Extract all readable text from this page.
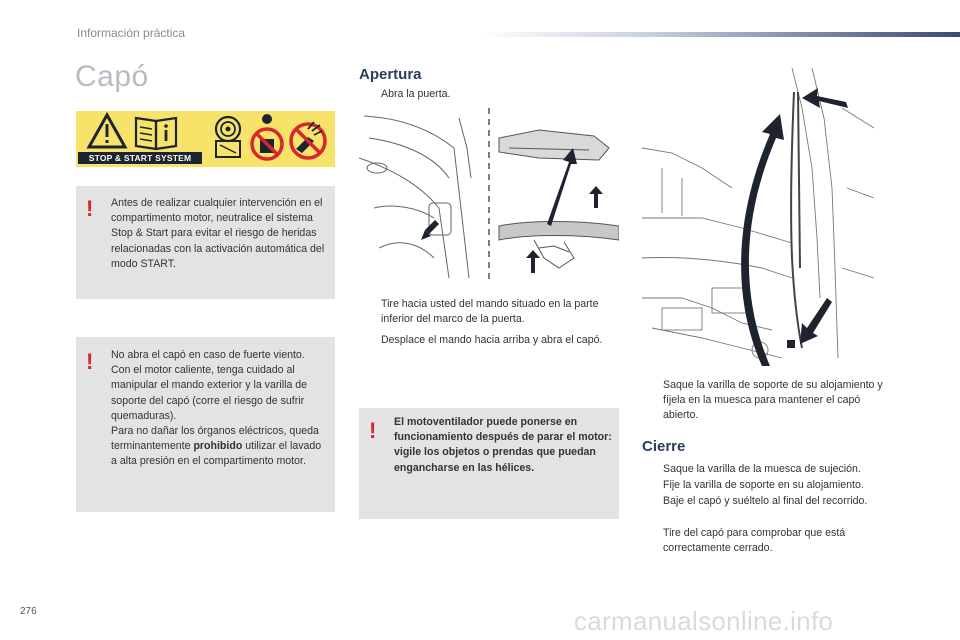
Información práctica
Capó
STOP & START SYSTEM
! Antes de realizar cualquier intervención en el compartimento motor, neutralice el sistema Stop & Start para evitar el riesgo de heridas relacionadas con la activación automática del modo START.
! No abra el capó en caso de fuerte viento.
Con el motor caliente, tenga cuidado al manipular el mando exterior y la varilla de soporte del capó (corre el riesgo de sufrir quemaduras).
Para no dañar los órganos eléctricos, queda terminantemente prohibido utilizar el lavado a alta presión en el compartimento motor.
Apertura
Abra la puerta.
Tire hacia usted del mando situado en la parte inferior del marco de la puerta.
Desplace el mando hacia arriba y abra el capó.
! El motoventilador puede ponerse en funcionamiento después de parar el motor: vigile los objetos o prendas que puedan engancharse en las hélices.
Saque la varilla de soporte de su alojamiento y fíjela en la muesca para mantener el capó abierto.
Cierre
Saque la varilla de la muesca de sujeción.
Fije la varilla de soporte en su alojamiento.
Baje el capó y suéltelo al final del recorrido.
Tire del capó para comprobar que está correctamente cerrado.
276	carmanualsonline.info
